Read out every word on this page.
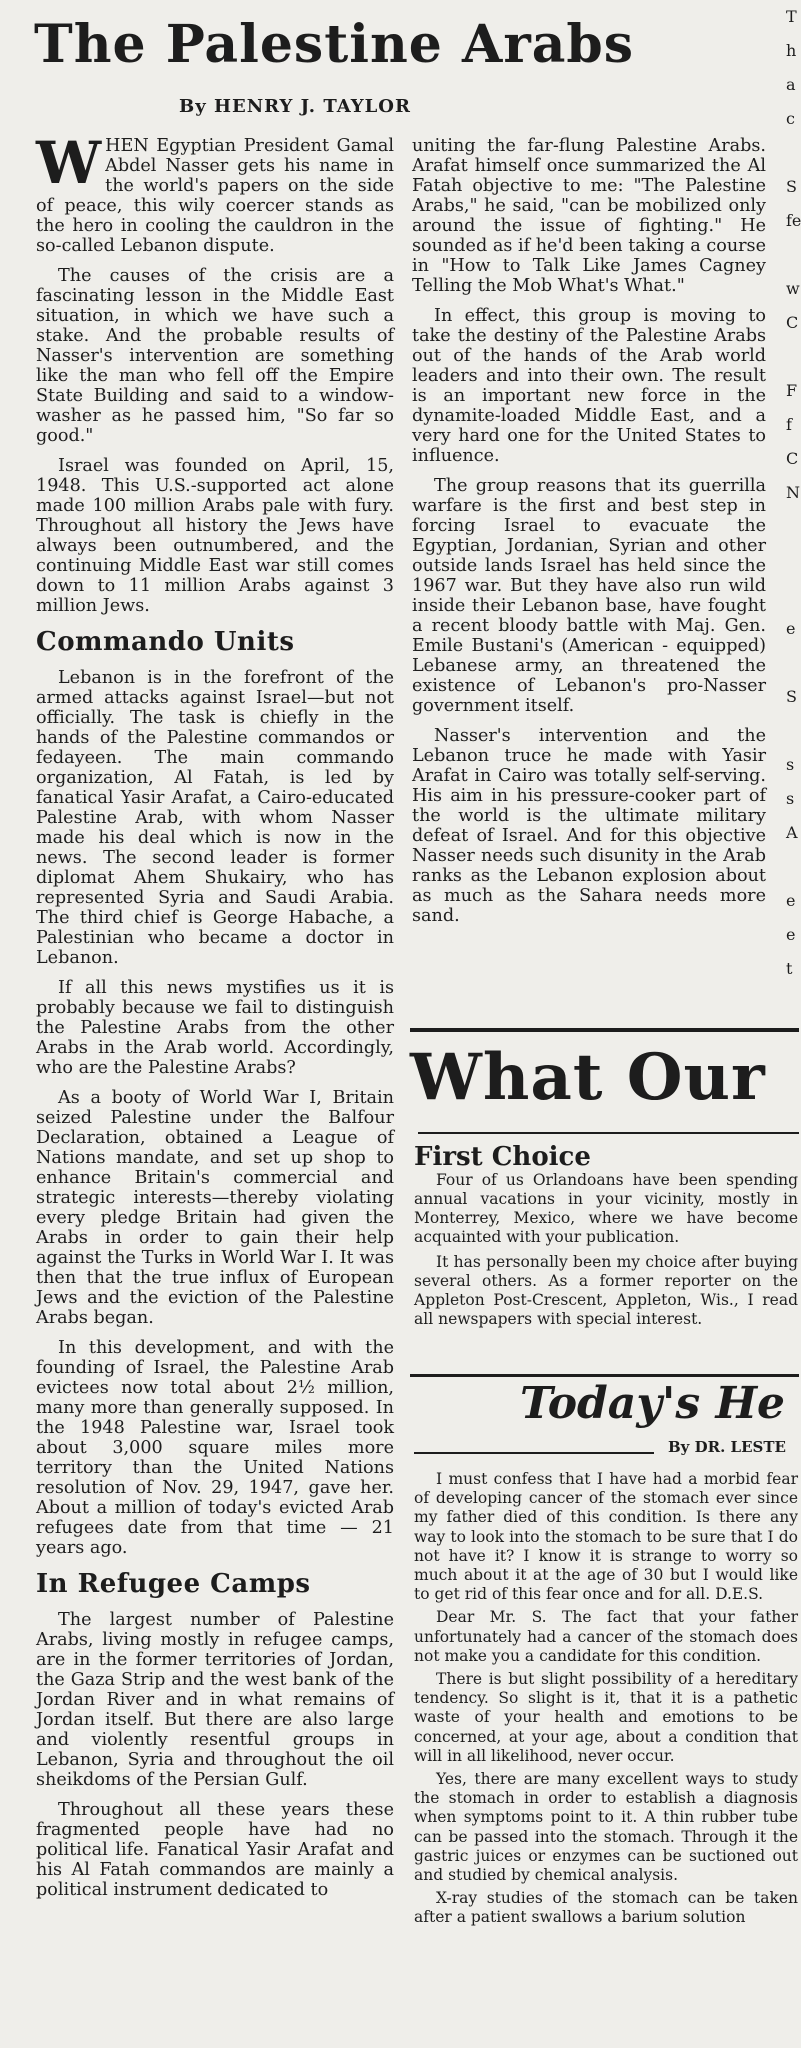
The Palestine Arabs
By HENRY J. TAYLOR

WHEN Egyptian President Gamal Abdel Nasser gets his name in the world's papers on the side of peace, this wily coercer stands as the hero in cooling the cauldron in the so-called Lebanon dispute.

The causes of the crisis are a fascinating lesson in the Middle East situation, in which we have such a stake. And the probable results of Nasser's intervention are something like the man who fell off the Empire State Building and said to a window-washer as he passed him, "So far so good."

Israel was founded on April, 15, 1948. This U.S.-supported act alone made 100 million Arabs pale with fury. Throughout all history the Jews have always been outnumbered, and the continuing Middle East war still comes down to 11 million Arabs against 3 million Jews.

Commando Units

Lebanon is in the forefront of the armed attacks against Israel—but not officially. The task is chiefly in the hands of the Palestine commandos or fedayeen. The main commando organization, Al Fatah, is led by fanatical Yasir Arafat, a Cairo-educated Palestine Arab, with whom Nasser made his deal which is now in the news. The second leader is former diplomat Ahem Shukairy, who has represented Syria and Saudi Arabia. The third chief is George Habache, a Palestinian who became a doctor in Lebanon.

If all this news mystifies us it is probably because we fail to distinguish the Palestine Arabs from the other Arabs in the Arab world. Accordingly, who are the Palestine Arabs?

As a booty of World War I, Britain seized Palestine under the Balfour Declaration, obtained a League of Nations mandate, and set up shop to enhance Britain's commercial and strategic interests—thereby violating every pledge Britain had given the Arabs in order to gain their help against the Turks in World War I. It was then that the true influx of European Jews and the eviction of the Palestine Arabs began.

In this development, and with the founding of Israel, the Palestine Arab evictees now total about 2½ million, many more than generally supposed. In the 1948 Palestine war, Israel took about 3,000 square miles more territory than the United Nations resolution of Nov. 29, 1947, gave her. About a million of today's evicted Arab refugees date from that time — 21 years ago.

In Refugee Camps

The largest number of Palestine Arabs, living mostly in refugee camps, are in the former territories of Jordan, the Gaza Strip and the west bank of the Jordan River and in what remains of Jordan itself. But there are also large and violently resentful groups in Lebanon, Syria and throughout the oil sheikdoms of the Persian Gulf.

Throughout all these years these fragmented people have had no political life. Fanatical Yasir Arafat and his Al Fatah commandos are mainly a political instrument dedicated to

uniting the far-flung Palestine Arabs. Arafat himself once summarized the Al Fatah objective to me: "The Palestine Arabs," he said, "can be mobilized only around the issue of fighting." He sounded as if he'd been taking a course in "How to Talk Like James Cagney Telling the Mob What's What."

In effect, this group is moving to take the destiny of the Palestine Arabs out of the hands of the Arab world leaders and into their own. The result is an important new force in the dynamite-loaded Middle East, and a very hard one for the United States to influence.

The group reasons that its guerrilla warfare is the first and best step in forcing Israel to evacuate the Egyptian, Jordanian, Syrian and other outside lands Israel has held since the 1967 war. But they have also run wild inside their Lebanon base, have fought a recent bloody battle with Maj. Gen. Emile Bustani's (American - equipped) Lebanese army, an threatened the existence of Lebanon's pro-Nasser government itself.

Nasser's intervention and the Lebanon truce he made with Yasir Arafat in Cairo was totally self-serving. His aim in his pressure-cooker part of the world is the ultimate military defeat of Israel. And for this objective Nasser needs such disunity in the Arab ranks as the Lebanon explosion about as much as the Sahara needs more sand.

What Our
First Choice

Four of us Orlandoans have been spending annual vacations in your vicinity, mostly in Monterrey, Mexico, where we have become acquainted with your publication.

It has personally been my choice after buying several others. As a former reporter on the Appleton Post-Crescent, Appleton, Wis., I read all newspapers with special interest.

Today's He
By DR. LESTE

I must confess that I have had a morbid fear of developing cancer of the stomach ever since my father died of this condition. Is there any way to look into the stomach to be sure that I do not have it? I know it is strange to worry so much about it at the age of 30 but I would like to get rid of this fear once and for all. D.E.S.

Dear Mr. S. The fact that your father unfortunately had a cancer of the stomach does not make you a candidate for this condition.

There is but slight possibility of a hereditary tendency. So slight is it, that it is a pathetic waste of your health and emotions to be concerned, at your age, about a condition that will in all likelihood, never occur.

Yes, there are many excellent ways to study the stomach in order to establish a diagnosis when symptoms point to it. A thin rubber tube can be passed into the stomach. Through it the gastric juices or enzymes can be suctioned out and studied by chemical analysis.

X-ray studies of the stomach can be taken after a patient swallows a barium solution

T
h
a
c

S
fe

w
C

F
f
C
N

e

S

s
s
A

e
e
t
